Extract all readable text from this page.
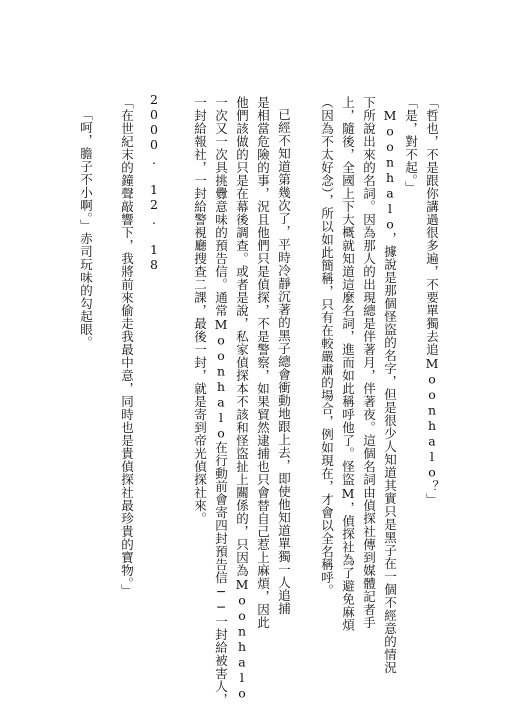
「哲也，不是跟你講過很多遍，不要單獨去追Moonhalo？」
「是，對不起。」
Moonhalo，據說是那個怪盜的名字，但是很少人知道其實只是黑子在一個不經意的情況
下所說出來的名詞。因為那人的出現總是伴著月，伴著夜。這個名詞由偵探社傳到媒體記者手
上，隨後，全國上下大概就知道這麼名詞，進而如此稱呼他了。怪盜M，偵探社為了避免麻煩
（因為不太好念），所以如此簡稱，只有在較嚴肅的場合，例如現在，才會以全名稱呼。
已經不知道第幾次了，平時冷靜沉著的黑子總會衝動地跟上去，即使他知道單獨一人追捕
是相當危險的事，況且他們只是偵探，不是警察，如果貿然逮捕也只會替自己惹上麻煩，因此
他們該做的只是在幕後調查。或者是說，私家偵探本不該和怪盜扯上關係的，只因為Moonhalo
一次又一次具挑釁意味的預告信。通常Moonhalo在行動前會寄四封預告信──一封給被害人，
一封給報社，一封給警視廳搜查二課，最後一封，就是寄到帝光偵探社來。
2000. 12. 18
「在世紀末的鐘聲敲響下，我將前來偷走我最中意，同時也是貴偵探社最珍貴的寶物。」
「呵，膽子不小啊。」赤司玩味的勾起眼。
